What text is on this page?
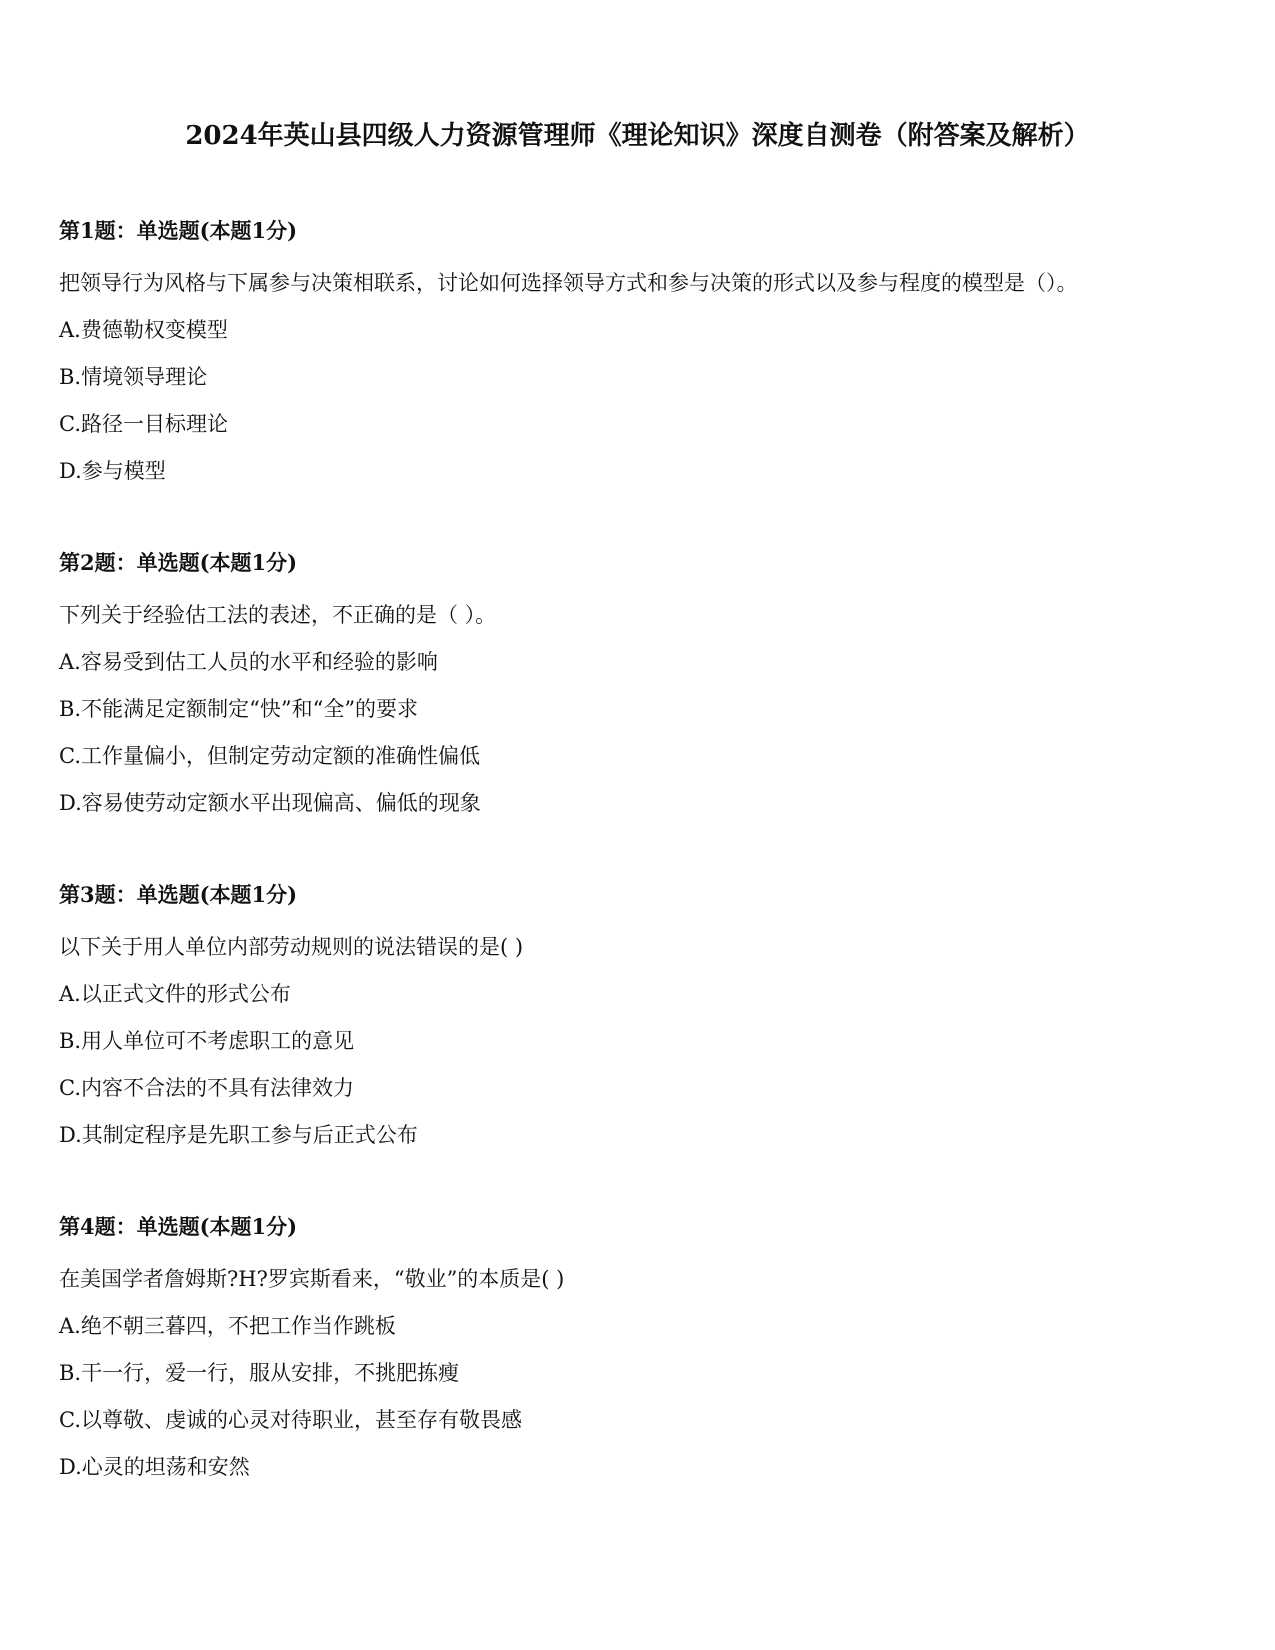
2024年英山县四级人力资源管理师《理论知识》深度自测卷（附答案及解析）
第1题：单选题(本题1分)
把领导行为风格与下属参与决策相联系，讨论如何选择领导方式和参与决策的形式以及参与程度的模型是（）。
A.费德勒权变模型
B.情境领导理论
C.路径一目标理论
D.参与模型
第2题：单选题(本题1分)
下列关于经验估工法的表述，不正确的是（ ）。
A.容易受到估工人员的水平和经验的影响
B.不能满足定额制定“快”和“全”的要求
C.工作量偏小，但制定劳动定额的准确性偏低
D.容易使劳动定额水平出现偏高、偏低的现象
第3题：单选题(本题1分)
以下关于用人单位内部劳动规则的说法错误的是( )
A.以正式文件的形式公布
B.用人单位可不考虑职工的意见
C.内容不合法的不具有法律效力
D.其制定程序是先职工参与后正式公布
第4题：单选题(本题1分)
在美国学者詹姆斯?H?罗宾斯看来，“敬业”的本质是( )
A.绝不朝三暮四，不把工作当作跳板
B.干一行，爱一行，服从安排，不挑肥拣瘦
C.以尊敬、虔诚的心灵对待职业，甚至存有敬畏感
D.心灵的坦荡和安然
